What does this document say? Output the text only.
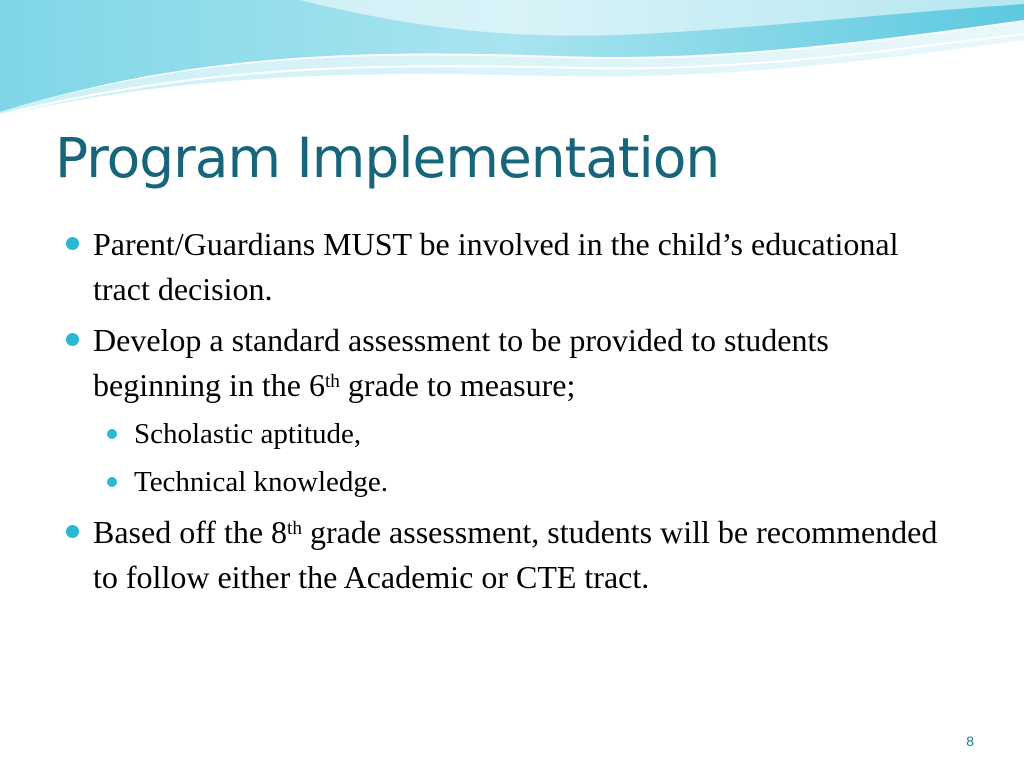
Program Implementation
Parent/Guardians MUST be involved in the child’s educational tract decision.
Develop a standard assessment to be provided to students beginning in the 6th grade to measure;
Scholastic aptitude,
Technical knowledge.
Based off the 8th grade assessment, students will be recommended to follow either the Academic or CTE tract.
8
